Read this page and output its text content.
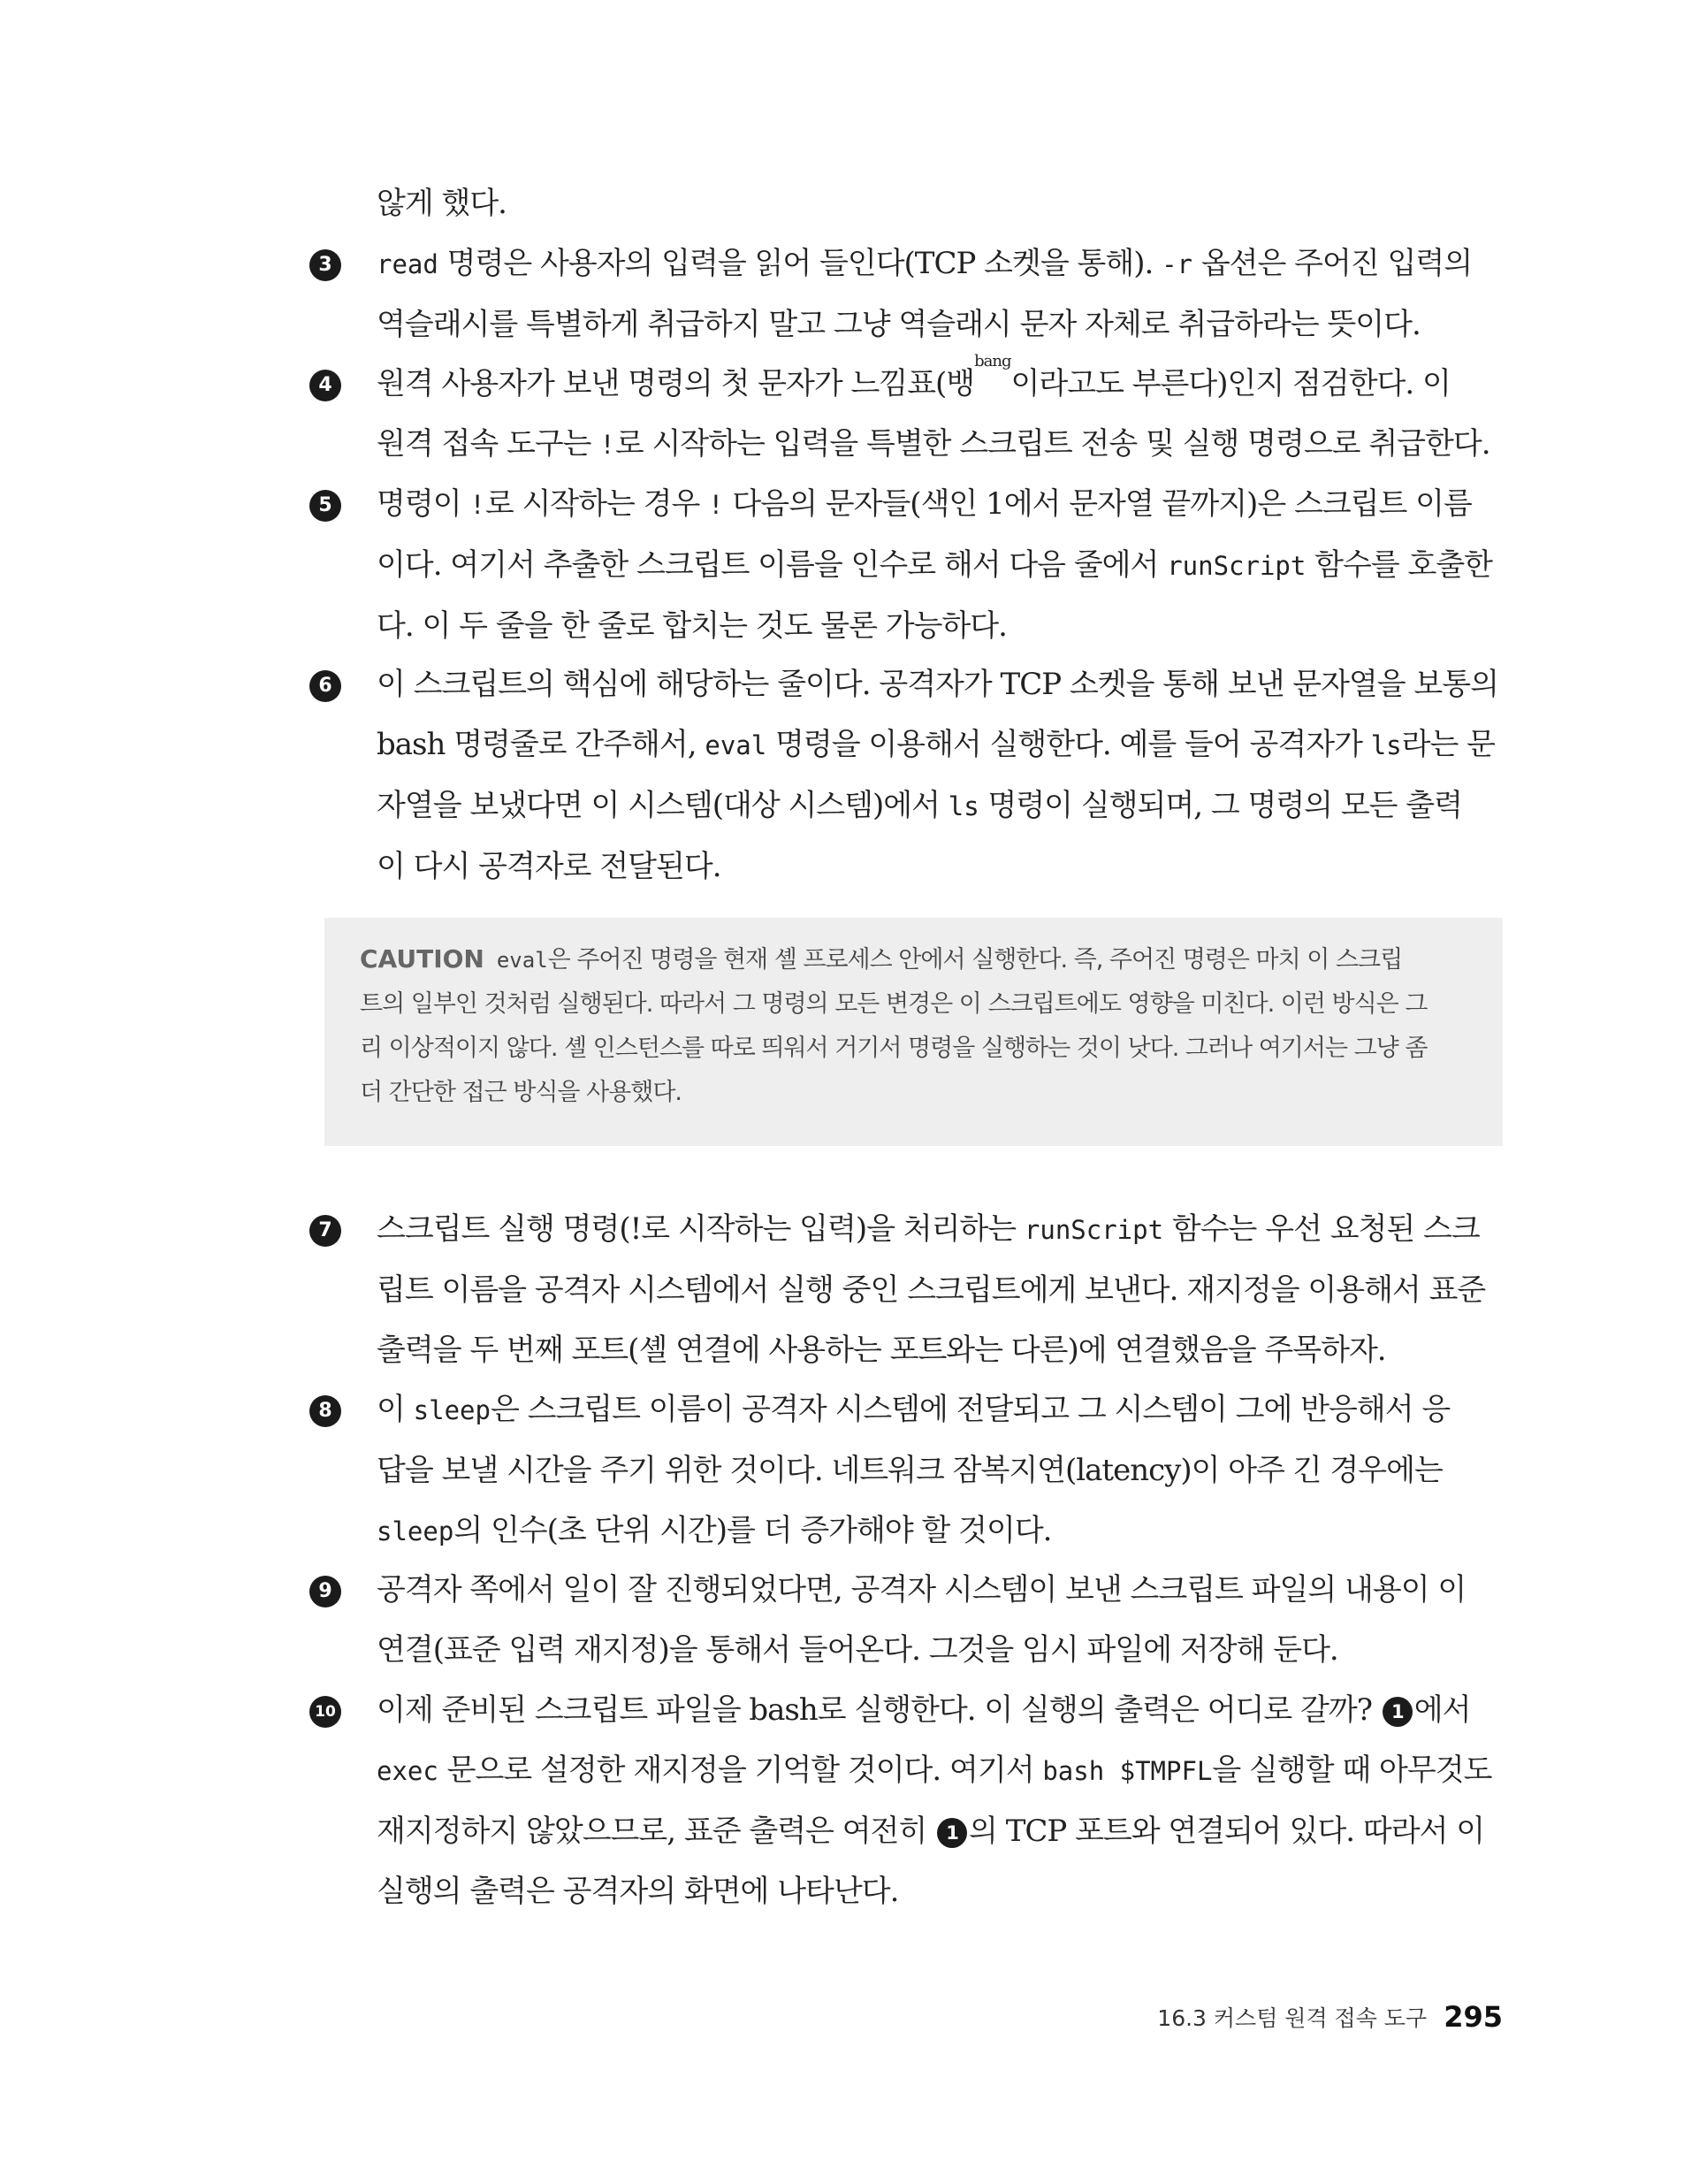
않게 했다.
3	read 명령은 사용자의 입력을 읽어 들인다(TCP 소켓을 통해). -r 옵션은 주어진 입력의

역슬래시를 특별하게 취급하지 말고 그냥 역슬래시 문자 자체로 취급하라는 뜻이다.

4	원격 사용자가 보낸 명령의 첫 문자가 느낌표(뱅$^{bang}$이라고도 부른다)인지 점검한다. 이

원격 접속 도구는 !로 시작하는 입력을 특별한 스크립트 전송 및 실행 명령으로 취급한다.

5	명령이 !로 시작하는 경우 ! 다음의 문자들(색인 1에서 문자열 끝까지)은 스크립트 이름

이다. 여기서 추출한 스크립트 이름을 인수로 해서 다음 줄에서 runScript 함수를 호출한

다. 이 두 줄을 한 줄로 합치는 것도 물론 가능하다.

6	이 스크립트의 핵심에 해당하는 줄이다. 공격자가 TCP 소켓을 통해 보낸 문자열을 보통의

bash 명령줄로 간주해서, eval 명령을 이용해서 실행한다. 예를 들어 공격자가 ls라는 문

자열을 보냈다면 이 시스템(대상 시스템)에서 ls 명령이 실행되며, 그 명령의 모든 출력

이 다시 공격자로 전달된다.

CAUTION eval은 주어진 명령을 현재 셸 프로세스 안에서 실행한다. 즉, 주어진 명령은 마치 이 스크립

트의 일부인 것처럼 실행된다. 따라서 그 명령의 모든 변경은 이 스크립트에도 영향을 미친다. 이런 방식은 그

리 이상적이지 않다. 셸 인스턴스를 따로 띄워서 거기서 명령을 실행하는 것이 낫다. 그러나 여기서는 그냥 좀

더 간단한 접근 방식을 사용했다.

7	스크립트 실행 명령(!로 시작하는 입력)을 처리하는 runScript 함수는 우선 요청된 스크

립트 이름을 공격자 시스템에서 실행 중인 스크립트에게 보낸다. 재지정을 이용해서 표준

출력을 두 번째 포트(셸 연결에 사용하는 포트와는 다른)에 연결했음을 주목하자.

8	이 sleep은 스크립트 이름이 공격자 시스템에 전달되고 그 시스템이 그에 반응해서 응

답을 보낼 시간을 주기 위한 것이다. 네트워크 잠복지연(latency)이 아주 긴 경우에는

sleep의 인수(초 단위 시간)를 더 증가해야 할 것이다.

9	공격자 쪽에서 일이 잘 진행되었다면, 공격자 시스템이 보낸 스크립트 파일의 내용이 이

연결(표준 입력 재지정)을 통해서 들어온다. 그것을 임시 파일에 저장해 둔다.

10 이제 준비된 스크립트 파일을 bash로 실행한다. 이 실행의 출력은 어디로 갈까? 1 에서

exec 문으로 설정한 재지정을 기억할 것이다. 여기서 bash $TMPFL을 실행할 때 아무것도

재지정하지 않았으므로, 표준 출력은 여전히 1 의 TCP 포트와 연결되어 있다. 따라서 이

실행의 출력은 공격자의 화면에 나타난다.

16.3 커스텀 원격 접속 도구 295
